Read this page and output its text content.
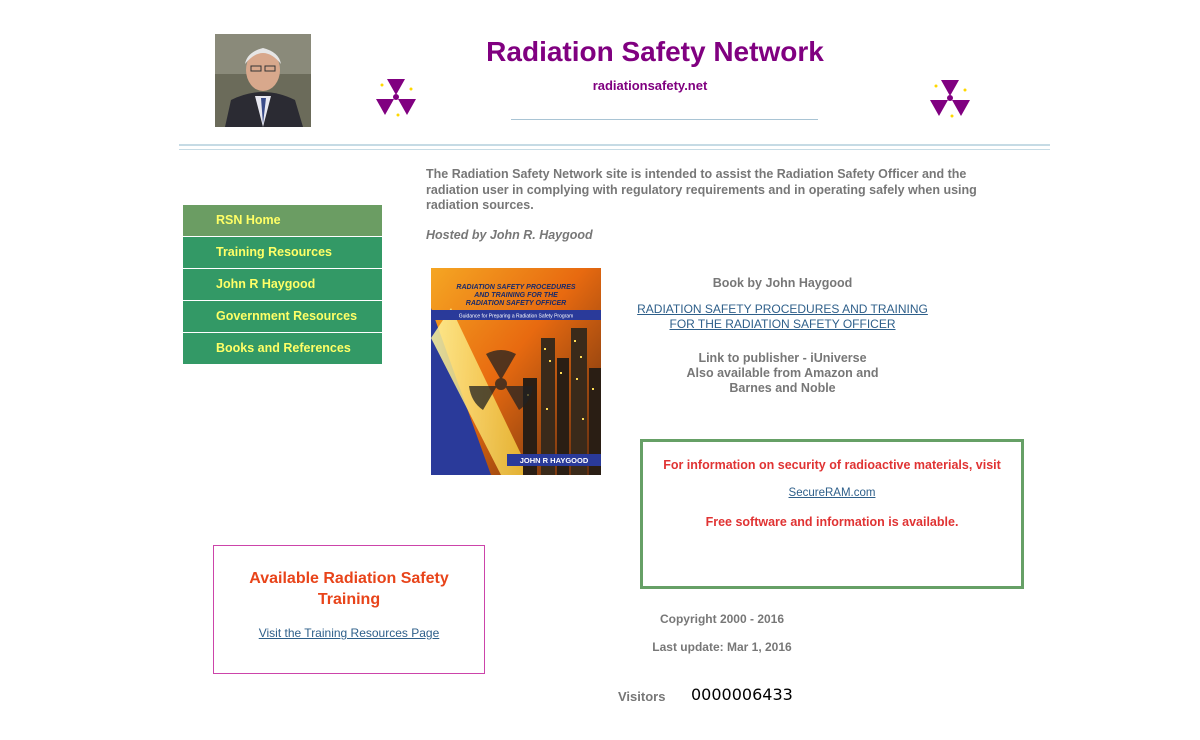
Radiation Safety Network
radiationsafety.net
RSN Home
Training Resources
John R Haygood
Government Resources
Books and References
The Radiation Safety Network site is intended to assist the Radiation Safety Officer and the radiation user in complying with regulatory requirements and in operating safely when using radiation sources.
Hosted by John R. Haygood
RADIATION SAFETY PROCEDURES
AND TRAINING FOR THE
RADIATION SAFETY OFFICER
Guidance for Preparing a Radiation Safety Program
JOHN R HAYGOOD
Book by John Haygood
RADIATION SAFETY PROCEDURES AND TRAINING
FOR THE RADIATION SAFETY OFFICER
Link to publisher - iUniverse
Also available from Amazon and
Barnes and Noble
For information on security of radioactive materials, visit
SecureRAM.com
Free software and information is available.
Available Radiation Safety Training
Visit the Training Resources Page
Copyright 2000 - 2016
Last update: Mar 1, 2016
Visitors 0000006433
